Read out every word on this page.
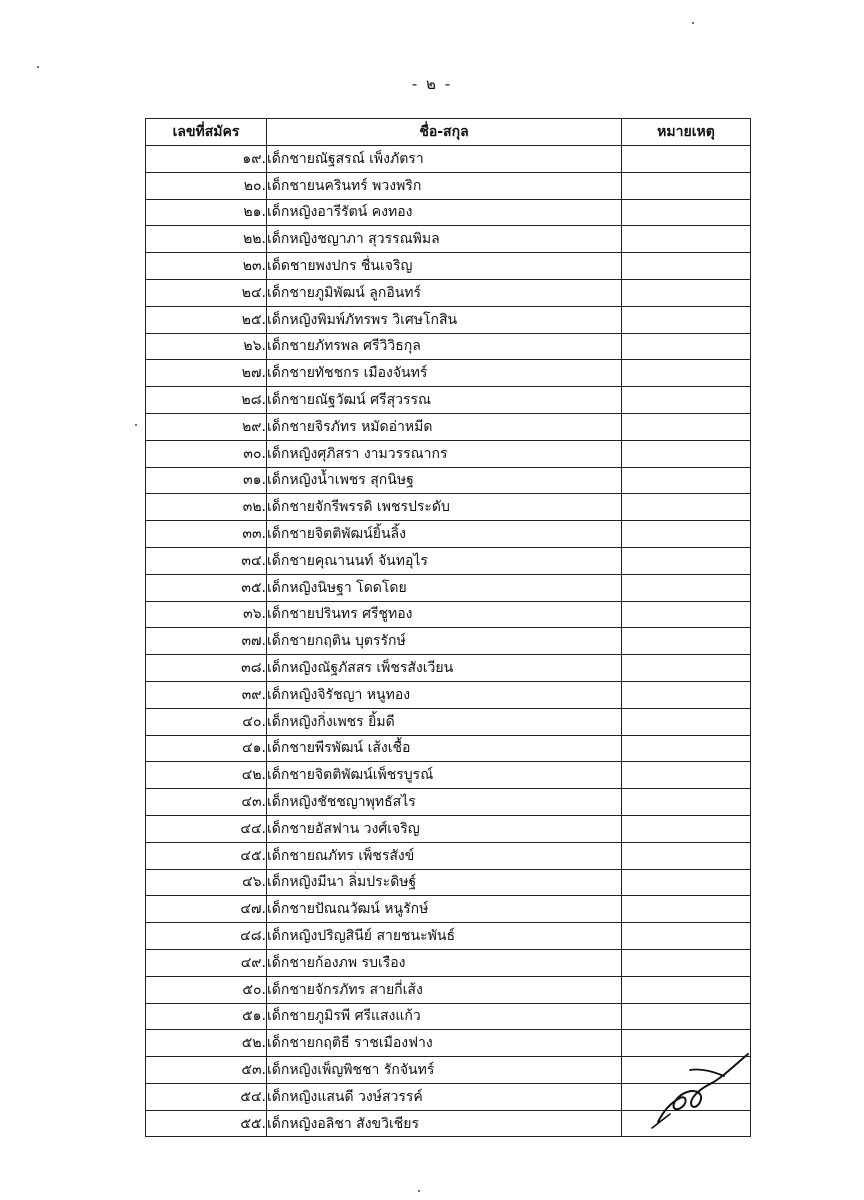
- ๒ -
เลขที่สมัคร	ชื่อ-สกุล	หมายเหตุ
๑๙.	เด็กชายณัฐสรณ์ เพ็งภัตรา	
๒๐.	เด็กชายนครินทร์ พวงพริก	
๒๑.	เด็กหญิงอารีรัตน์ คงทอง	
๒๒.	เด็กหญิงชญาภา สุวรรณพิมล	
๒๓.	เด็ดชายพงปกร ชื่นเจริญ	
๒๔.	เด็กชายภูมิพัฒน์ ลูกอินทร์	
๒๕.	เด็กหญิงพิมพ์ภัทรพร วิเศษโกสิน	
๒๖.	เด็กชายภัทรพล ศรีวิวิธกุล	
๒๗.	เด็กชายทัชชกร เมืองจันทร์	
๒๘.	เด็กชายณัฐวัฒน์ ศรีสุวรรณ	
๒๙.	เด็กชายจิรภัทร หมัดอ่าหมีด	
๓๐.	เด็กหญิงศุภิสรา งามวรรณากร	
๓๑.	เด็กหญิงน้ำเพชร สุกนิษฐ	
๓๒.	เด็กชายจักรีพรรดิ เพชรประดับ	
๓๓.	เด็กชายจิตติพัฒน์ยิ้นลิ้ง	
๓๔.	เด็กชายคุณานนท์ จันทอุไร	
๓๕.	เด็กหญิงนิษฐา โดดโดย	
๓๖.	เด็กชายปรินทร ศรีชูทอง	
๓๗.	เด็กชายกฤติน บุตรรักษ์	
๓๘.	เด็กหญิงณัฐภัสสร เพ็ชรสังเวียน	
๓๙.	เด็กหญิงจิรัชญา หนูทอง	
๔๐.	เด็กหญิงกิ่งเพชร ยิ้มดี	
๔๑.	เด็กชายพีรพัฒน์ เส้งเชื้อ	
๔๒.	เด็กชายจิตติพัฒน์เพ็ชรบูรณ์	
๔๓.	เด็กหญิงชัชชญาพุทธัสไร	
๔๔.	เด็กชายอัสฟาน วงศ์เจริญ	
๔๕.	เด็กชายณภัทร เพ็ชรสังข์	
๔๖.	เด็กหญิงมีนา ลิ่มประดิษฐ์	
๔๗.	เด็กชายปัณณวัฒน์ หนูรักษ์	
๔๘.	เด็กหญิงปริญสินีย์ สายชนะพันธ์	
๔๙.	เด็กชายก้องภพ รบเรือง	
๕๐.	เด็กชายจักรภัทร สายกี่เส้ง	
๕๑.	เด็กชายภูมิรพี ศรีแสงแก้ว	
๕๒.	เด็กชายกฤติธี ราชเมืองฟาง	
๕๓.	เด็กหญิงเพ็ญพิชชา รักจันทร์	
๕๔.	เด็กหญิงแสนดี วงษ์สวรรค์	
๕๕.	เด็กหญิงอลิชา สังขวิเชียร	
